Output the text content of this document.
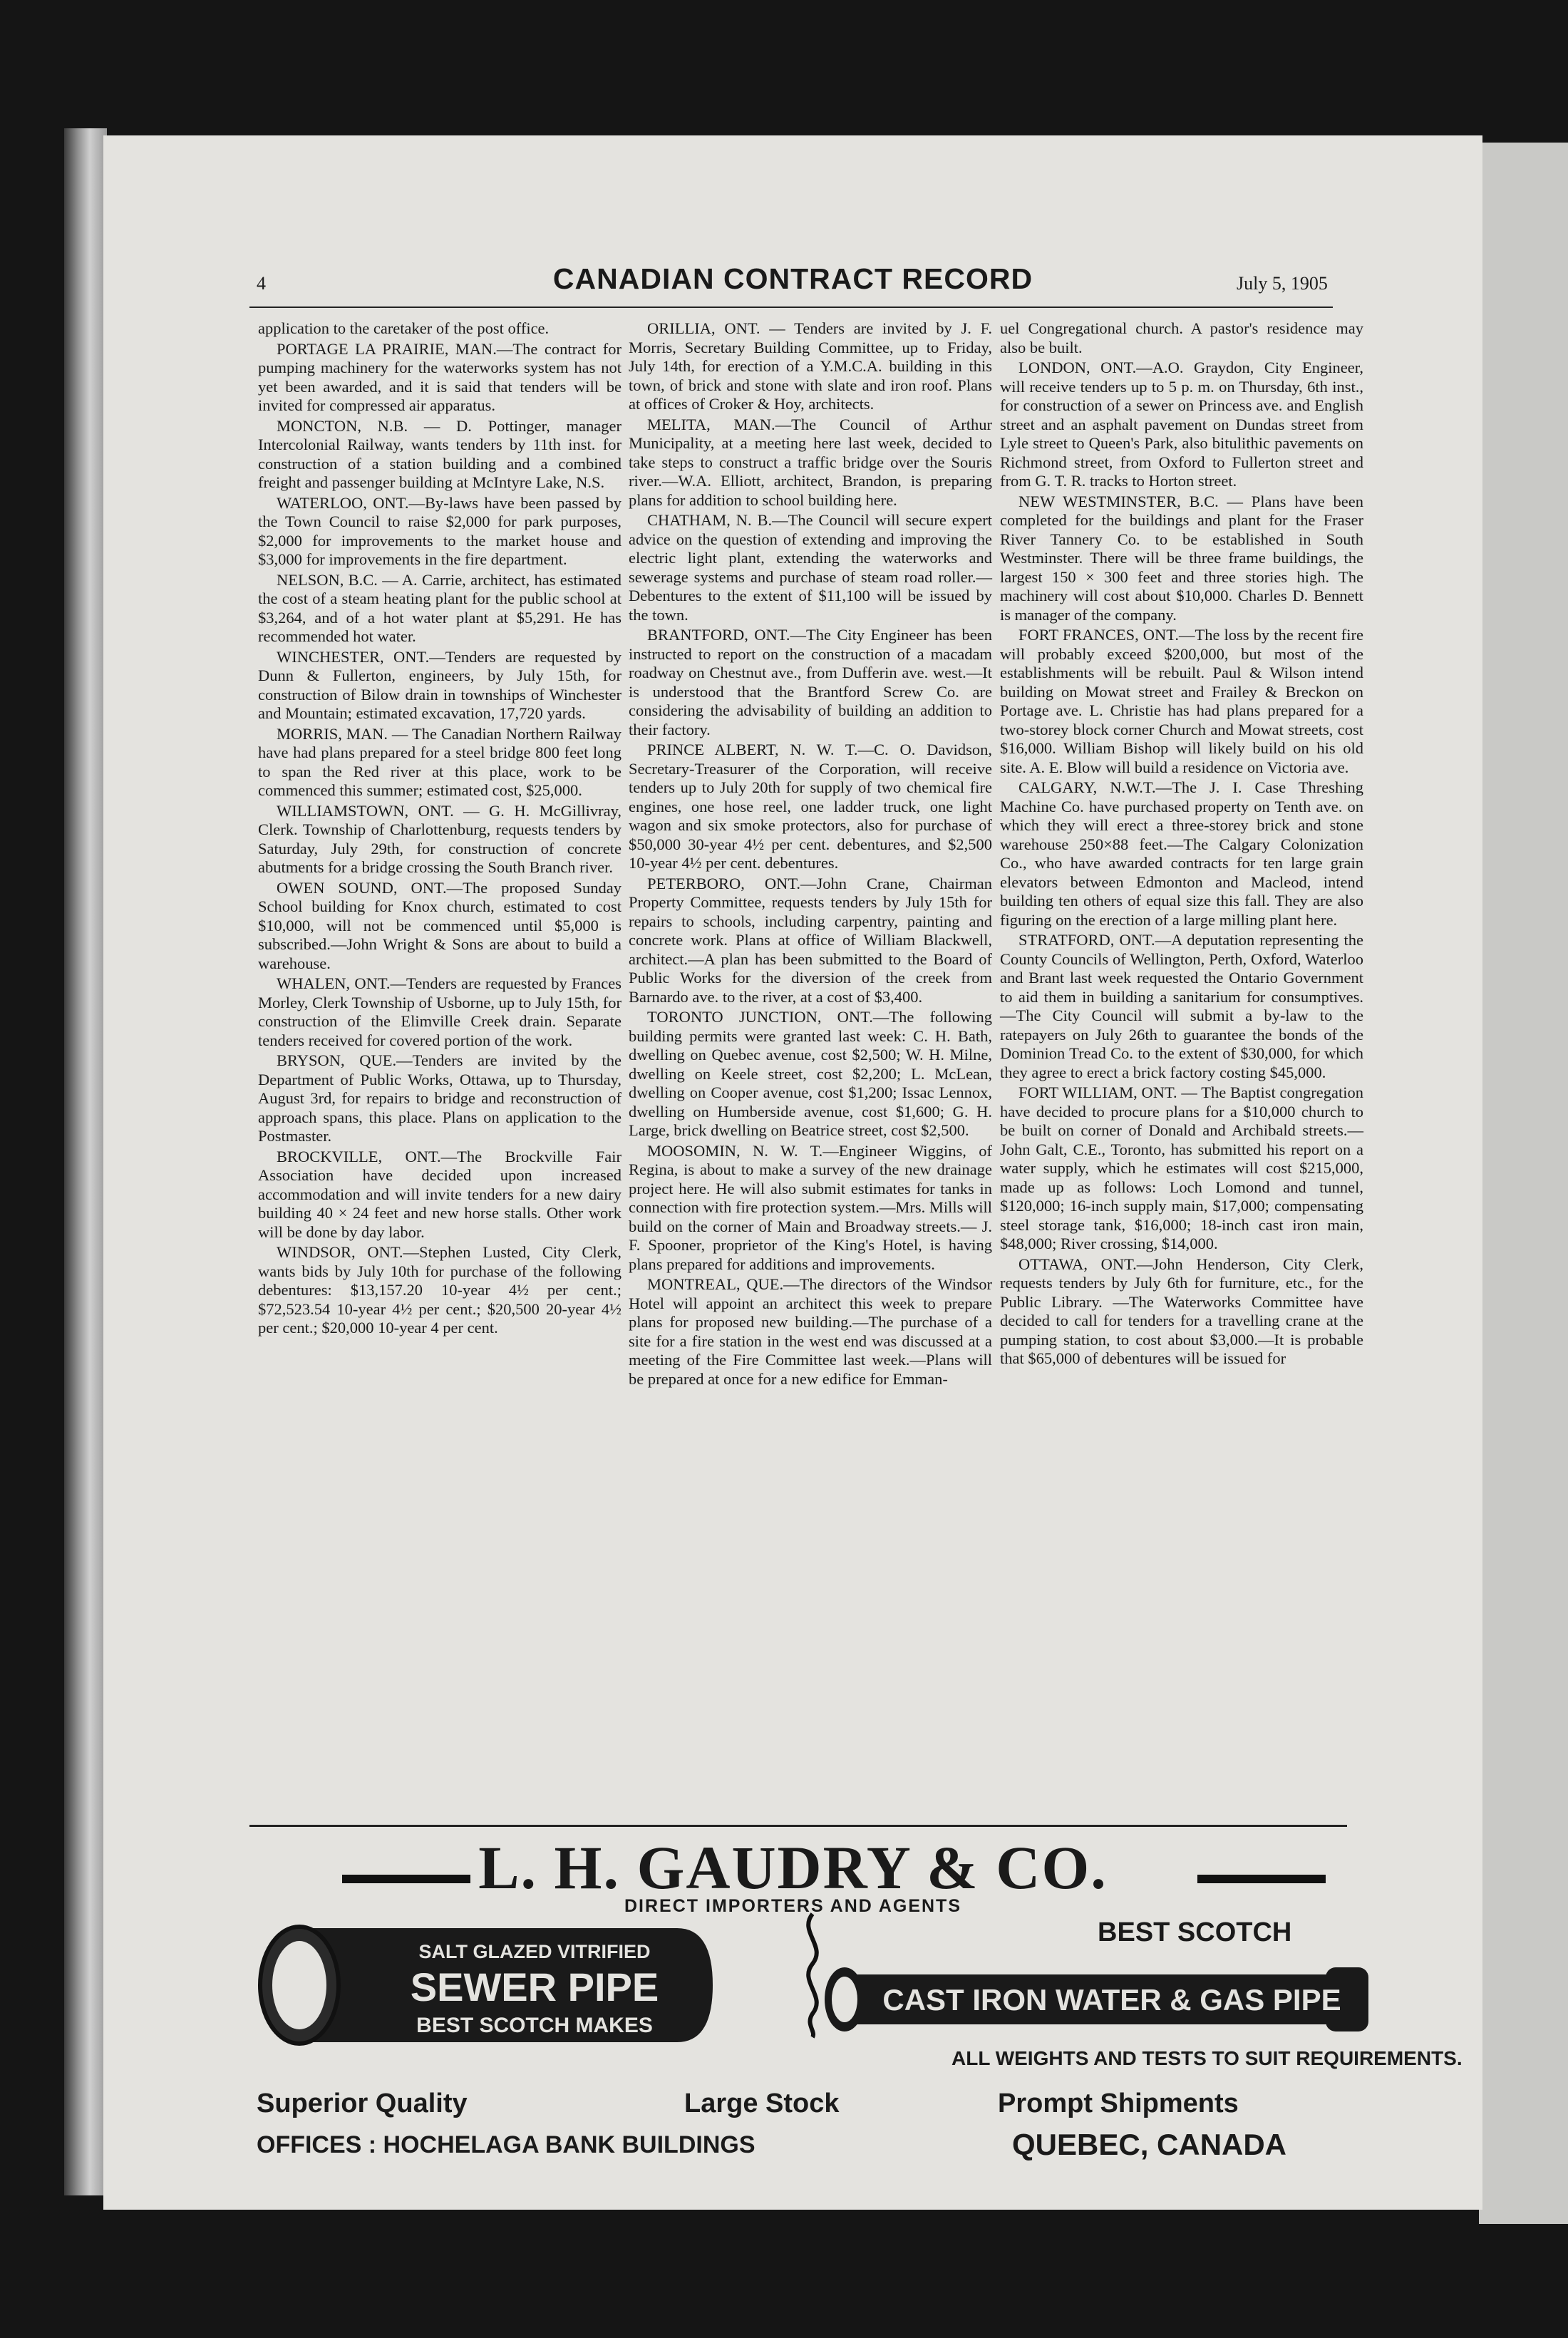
4	CANADIAN CONTRACT RECORD	July 5, 1905

application to the caretaker of the post office.

PORTAGE LA PRAIRIE, MAN.—The contract for pumping machinery for the waterworks system has not yet been awarded, and it is said that tenders will be invited for compressed air apparatus.

MONCTON, N.B. — D. Pottinger, manager Intercolonial Railway, wants tenders by 11th inst. for construction of a station building and a combined freight and passenger building at McIntyre Lake, N.S.

WATERLOO, ONT.—By-laws have been passed by the Town Council to raise $2,000 for park purposes, $2,000 for improvements to the market house and $3,000 for improvements in the fire department.

NELSON, B.C. — A. Carrie, architect, has estimated the cost of a steam heating plant for the public school at $3,264, and of a hot water plant at $5,291. He has recommended hot water.

WINCHESTER, ONT.—Tenders are requested by Dunn & Fullerton, engineers, by July 15th, for construction of Bilow drain in townships of Winchester and Mountain; estimated excavation, 17,720 yards.

MORRIS, MAN. — The Canadian Northern Railway have had plans prepared for a steel bridge 800 feet long to span the Red river at this place, work to be commenced this summer; estimated cost, $25,000.

WILLIAMSTOWN, ONT. — G. H. McGillivray, Clerk. Township of Charlottenburg, requests tenders by Saturday, July 29th, for construction of concrete abutments for a bridge crossing the South Branch river.

OWEN SOUND, ONT.—The proposed Sunday School building for Knox church, estimated to cost $10,000, will not be commenced until $5,000 is subscribed.—John Wright & Sons are about to build a warehouse.

WHALEN, ONT.—Tenders are requested by Frances Morley, Clerk Township of Usborne, up to July 15th, for construction of the Elimville Creek drain. Separate tenders received for covered portion of the work.

BRYSON, QUE.—Tenders are invited by the Department of Public Works, Ottawa, up to Thursday, August 3rd, for repairs to bridge and reconstruction of approach spans, this place. Plans on application to the Postmaster.

BROCKVILLE, ONT.—The Brockville Fair Association have decided upon increased accommodation and will invite tenders for a new dairy building 40 × 24 feet and new horse stalls. Other work will be done by day labor.

WINDSOR, ONT.—Stephen Lusted, City Clerk, wants bids by July 10th for purchase of the following debentures: $13,157.20 10-year 4½ per cent.; $72,523.54 10-year 4½ per cent.; $20,500 20-year 4½ per cent.; $20,000 10-year 4 per cent.

ORILLIA, ONT. — Tenders are invited by J. F. Morris, Secretary Building Committee, up to Friday, July 14th, for erection of a Y.M.C.A. building in this town, of brick and stone with slate and iron roof. Plans at offices of Croker & Hoy, architects.

MELITA, MAN.—The Council of Arthur Municipality, at a meeting here last week, decided to take steps to construct a traffic bridge over the Souris river.—W.A. Elliott, architect, Brandon, is preparing plans for addition to school building here.

CHATHAM, N. B.—The Council will secure expert advice on the question of extending and improving the electric light plant, extending the waterworks and sewerage systems and purchase of steam road roller.—Debentures to the extent of $11,100 will be issued by the town.

BRANTFORD, ONT.—The City Engineer has been instructed to report on the construction of a macadam roadway on Chestnut ave., from Dufferin ave. west.—It is understood that the Brantford Screw Co. are considering the advisability of building an addition to their factory.

PRINCE ALBERT, N. W. T.—C. O. Davidson, Secretary-Treasurer of the Corporation, will receive tenders up to July 20th for supply of two chemical fire engines, one hose reel, one ladder truck, one light wagon and six smoke protectors, also for purchase of $50,000 30-year 4½ per cent. debentures, and $2,500 10-year 4½ per cent. debentures.

PETERBORO, ONT.—John Crane, Chairman Property Committee, requests tenders by July 15th for repairs to schools, including carpentry, painting and concrete work. Plans at office of William Blackwell, architect.—A plan has been submitted to the Board of Public Works for the diversion of the creek from Barnardo ave. to the river, at a cost of $3,400.

TORONTO JUNCTION, ONT.—The following building permits were granted last week: C. H. Bath, dwelling on Quebec avenue, cost $2,500; W. H. Milne, dwelling on Keele street, cost $2,200; L. McLean, dwelling on Cooper avenue, cost $1,200; Issac Lennox, dwelling on Humberside avenue, cost $1,600; G. H. Large, brick dwelling on Beatrice street, cost $2,500.

MOOSOMIN, N. W. T.—Engineer Wiggins, of Regina, is about to make a survey of the new drainage project here. He will also submit estimates for tanks in connection with fire protection system.—Mrs. Mills will build on the corner of Main and Broadway streets.— J. F. Spooner, proprietor of the King's Hotel, is having plans prepared for additions and improvements.

MONTREAL, QUE.—The directors of the Windsor Hotel will appoint an architect this week to prepare plans for proposed new building.—The purchase of a site for a fire station in the west end was discussed at a meeting of the Fire Committee last week.—Plans will be prepared at once for a new edifice for Emman-

uel Congregational church. A pastor's residence may also be built.

LONDON, ONT.—A.O. Graydon, City Engineer, will receive tenders up to 5 p. m. on Thursday, 6th inst., for construction of a sewer on Princess ave. and English street and an asphalt pavement on Dundas street from Lyle street to Queen's Park, also bitulithic pavements on Richmond street, from Oxford to Fullerton street and from G. T. R. tracks to Horton street.

NEW WESTMINSTER, B.C. — Plans have been completed for the buildings and plant for the Fraser River Tannery Co. to be established in South Westminster. There will be three frame buildings, the largest 150 × 300 feet and three stories high. The machinery will cost about $10,000. Charles D. Bennett is manager of the company.

FORT FRANCES, ONT.—The loss by the recent fire will probably exceed $200,000, but most of the establishments will be rebuilt. Paul & Wilson intend building on Mowat street and Frailey & Breckon on Portage ave. L. Christie has had plans prepared for a two-storey block corner Church and Mowat streets, cost $16,000. William Bishop will likely build on his old site. A. E. Blow will build a residence on Victoria ave.

CALGARY, N.W.T.—The J. I. Case Threshing Machine Co. have purchased property on Tenth ave. on which they will erect a three-storey brick and stone warehouse 250×88 feet.—The Calgary Colonization Co., who have awarded contracts for ten large grain elevators between Edmonton and Macleod, intend building ten others of equal size this fall. They are also figuring on the erection of a large milling plant here.

STRATFORD, ONT.—A deputation representing the County Councils of Wellington, Perth, Oxford, Waterloo and Brant last week requested the Ontario Government to aid them in building a sanitarium for consumptives.—The City Council will submit a by-law to the ratepayers on July 26th to guarantee the bonds of the Dominion Tread Co. to the extent of $30,000, for which they agree to erect a brick factory costing $45,000.

FORT WILLIAM, ONT. — The Baptist congregation have decided to procure plans for a $10,000 church to be built on corner of Donald and Archibald streets.—John Galt, C.E., Toronto, has submitted his report on a water supply, which he estimates will cost $215,000, made up as follows: Loch Lomond and tunnel, $120,000; 16-inch supply main, $17,000; compensating steel storage tank, $16,000; 18-inch cast iron main, $48,000; River crossing, $14,000.

OTTAWA, ONT.—John Henderson, City Clerk, requests tenders by July 6th for furniture, etc., for the Public Library. —The Waterworks Committee have decided to call for tenders for a travelling crane at the pumping station, to cost about $3,000.—It is probable that $65,000 of debentures will be issued for

L. H. GAUDRY & CO.
DIRECT IMPORTERS AND AGENTS
SALT GLAZED VITRIFIED
SEWER PIPE
BEST SCOTCH MAKES
BEST SCOTCH
CAST IRON WATER & GAS PIPE
ALL WEIGHTS AND TESTS TO SUIT REQUIREMENTS.
Superior Quality	Large Stock	Prompt Shipments
OFFICES : HOCHELAGA BANK BUILDINGS	QUEBEC, CANADA
